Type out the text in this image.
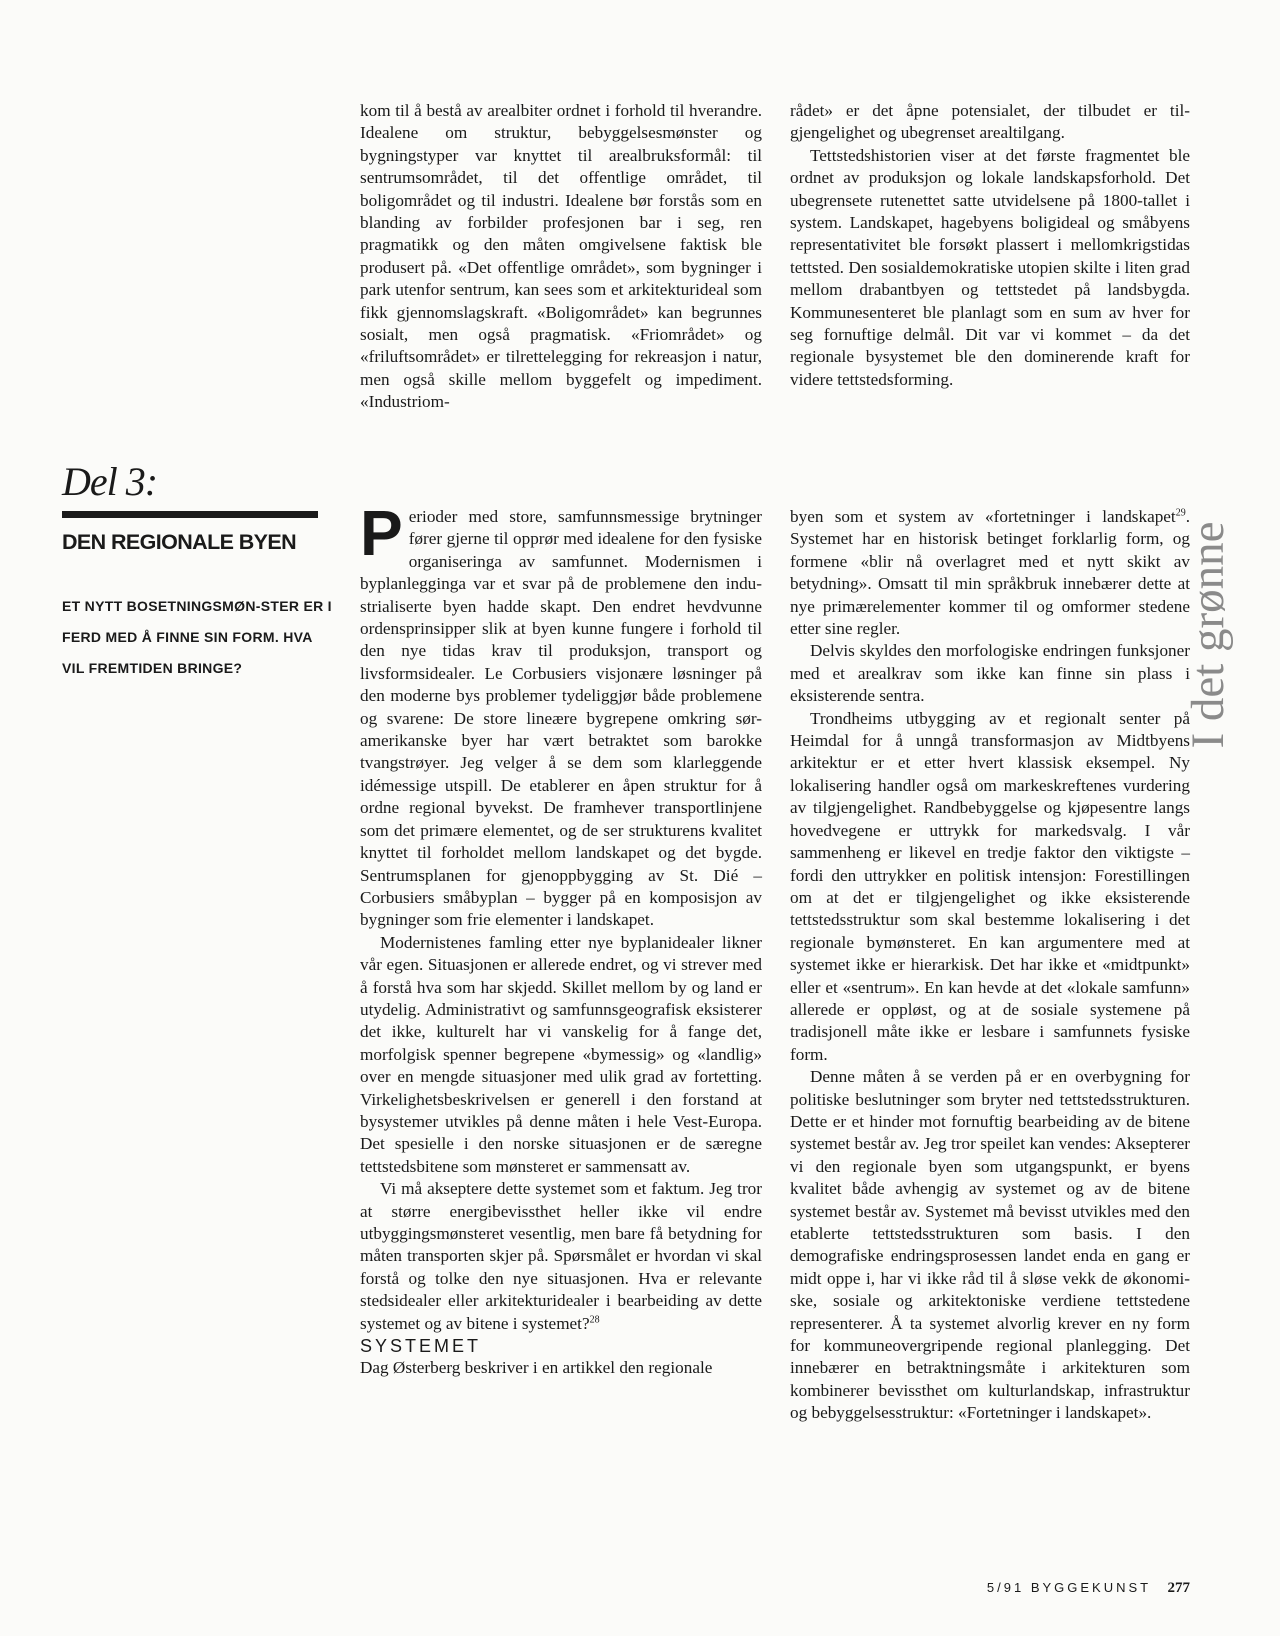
Del 3:
DEN REGIONALE BYEN

ET NYTT BOSETNINGSMØN-STER ER I FERD MED Å FINNE SIN FORM. HVA VIL FREMTIDEN BRINGE?	I det grønne

kom til å bestå av arealbiter ordnet i forhold til hverandre. Idealene om struktur, bebyggelsesmønster og bygningstyper var knyttet til arealbruksformål: til sentrumsområdet, til det offentlige området, til boligområdet og til industri. Idealene bør forstås som en blanding av forbilder profesjonen bar i seg, ren pragmatikk og den måten omgivelsene faktisk ble produsert på. «Det offentlige området», som bygninger i park utenfor sentrum, kan sees som et arkitekturideal som fikk gjennomslagskraft. «Boligområdet» kan begrunnes sosialt, men også pragmatisk. «Friområdet» og «friluftsområdet» er tilrettelegging for rekreasjon i natur, men også skille mellom byggefelt og impediment. «Industriom-

rådet» er det åpne potensialet, der tilbudet er tilgjengelighet og ubegrenset arealtilgang.

Tettstedshistorien viser at det første fragmentet ble ordnet av produksjon og lokale landskapsforhold. Det ubegrensete rutenettet satte utvidelsene på 1800-tallet i system. Landskapet, hagebyens boligideal og småbyens representativitet ble forsøkt plassert i mellomkrigstidas tettsted. Den sosialdemokratiske utopien skilte i liten grad mellom drabantbyen og tettstedet på landsbygda. Kommunesenteret ble planlagt som en sum av hver for seg fornuftige delmål. Dit var vi kommet – da det regionale bysystemet ble den dominerende kraft for videre tettstedsforming.

Perioder med store, samfunnsmessige brytninger fører gjerne til opprør med idealene for den fysiske organiseringa av samfunnet. Modernismen i byplanlegginga var et svar på de problemene den industrialiserte byen hadde skapt. Den endret hevdvunne ordensprinsipper slik at byen kunne fungere i forhold til den nye tidas krav til produksjon, transport og livsformsidealer. Le Corbusiers visjonære løsninger på den moderne bys problemer tydeliggjør både problemene og svarene: De store lineære bygrepene omkring sør-amerikanske byer har vært betraktet som barokke tvangstrøyer. Jeg velger å se dem som klarleggende idémessige utspill. De etablerer en åpen struktur for å ordne regional byvekst. De framhever transportlinjene som det primære elementet, og de ser strukturens kvalitet knyttet til forholdet mellom landskapet og det bygde. Sentrumsplanen for gjenoppbygging av St. Dié – Corbusiers småbyplan – bygger på en komposisjon av bygninger som frie elementer i landskapet.

Modernistenes famling etter nye byplanidealer likner vår egen. Situasjonen er allerede endret, og vi strever med å forstå hva som har skjedd. Skillet mellom by og land er utydelig. Administrativt og samfunnsgeografisk eksisterer det ikke, kulturelt har vi vanskelig for å fange det, morfolgisk spenner begrepene «bymessig» og «landlig» over en mengde situasjoner med ulik grad av fortetting. Virkelighetsbeskrivelsen er generell i den forstand at bysystemer utvikles på denne måten i hele Vest-Europa. Det spesielle i den norske situasjonen er de særegne tettstedsbitene som mønsteret er sammensatt av.

Vi må akseptere dette systemet som et faktum. Jeg tror at større energibevissthet heller ikke vil endre utbyggingsmønsteret vesentlig, men bare få betydning for måten transporten skjer på. Spørsmålet er hvordan vi skal forstå og tolke den nye situasjonen. Hva er relevante stedsidealer eller arkitekturidealer i bearbeiding av dette systemet og av bitene i systemet?$^{28}$

SYSTEMET

Dag Østerberg beskriver i en artikkel den regionale

byen som et system av «fortetninger i landskapet$^{29}$. Systemet har en historisk betinget forklarlig form, og formene «blir nå overlagret med et nytt skikt av betydning». Omsatt til min språkbruk innebærer dette at nye primærelementer kommer til og omformer stedene etter sine regler.

Delvis skyldes den morfologiske endringen funksjoner med et arealkrav som ikke kan finne sin plass i eksisterende sentra.

Trondheims utbygging av et regionalt senter på Heimdal for å unngå transformasjon av Midtbyens arkitektur er et etter hvert klassisk eksempel. Ny lokalisering handler også om markeskreftenes vurdering av tilgjengelighet. Randbebyggelse og kjøpesentre langs hovedvegene er uttrykk for markedsvalg. I vår sammenheng er likevel en tredje faktor den viktigste – fordi den uttrykker en politisk intensjon: Forestillingen om at det er tilgjengelighet og ikke eksisterende tettstedsstruktur som skal bestemme lokalisering i det regionale bymønsteret. En kan argumentere med at systemet ikke er hierarkisk. Det har ikke et «midtpunkt» eller et «sentrum». En kan hevde at det «lokale samfunn» allerede er oppløst, og at de sosiale systemene på tradisjonell måte ikke er lesbare i samfunnets fysiske form.

Denne måten å se verden på er en overbygning for politiske beslutninger som bryter ned tettstedsstrukturen. Dette er et hinder mot fornuftig bearbeiding av de bitene systemet består av. Jeg tror speilet kan vendes: Aksepterer vi den regionale byen som utgangspunkt, er byens kvalitet både avhengig av systemet og av de bitene systemet består av. Systemet må bevisst utvikles med den etablerte tettstedsstrukturen som basis. I den demografiske endringsprosessen landet enda en gang er midt oppe i, har vi ikke råd til å sløse vekk de økonomiske, sosiale og arkitektoniske verdiene tettstedene representerer. Å ta systemet alvorlig krever en ny form for kommuneovergripende regional planlegging. Det innebærer en betraktningsmåte i arkitekturen som kombinerer bevissthet om kulturlandskap, infrastruktur og bebyggelsesstruktur: «Fortetninger i landskapet».

5/91 BYGGEKUNST 277
